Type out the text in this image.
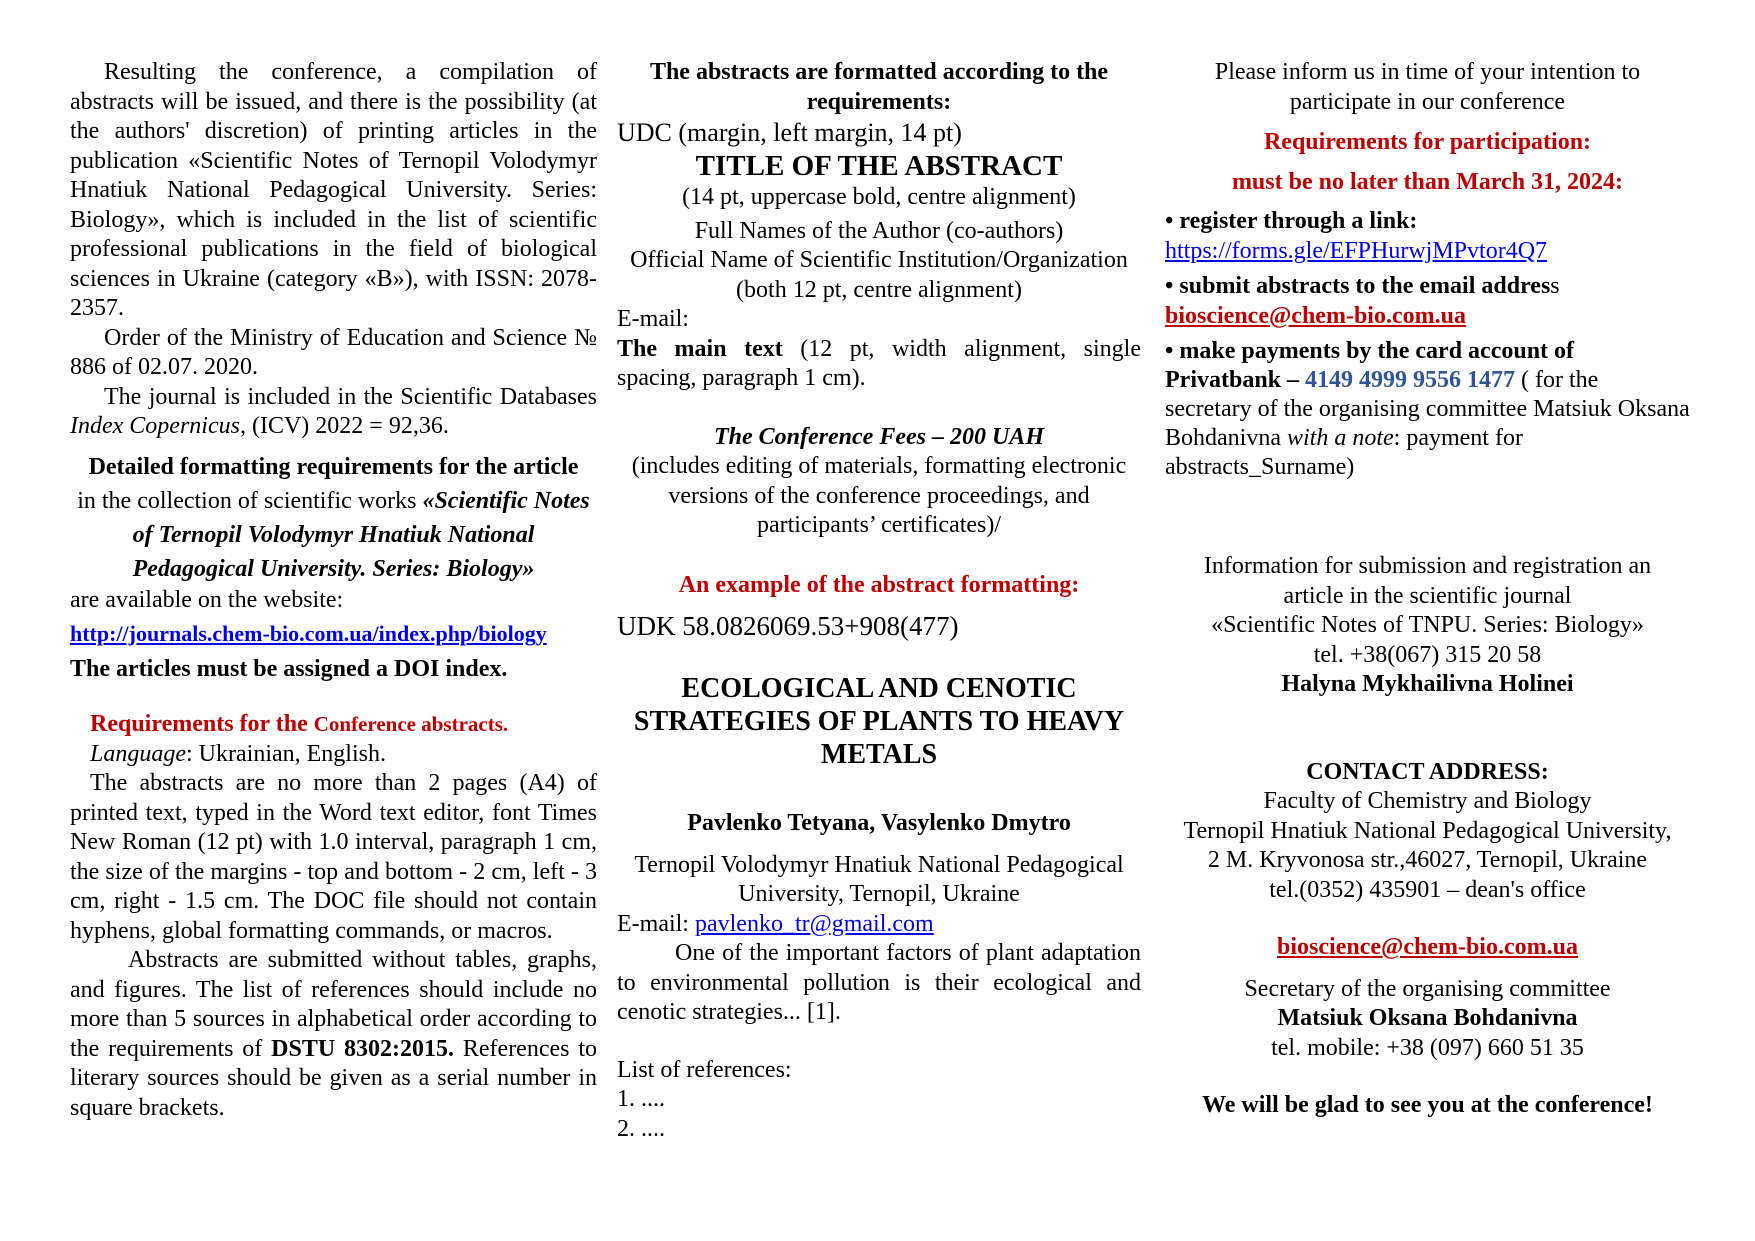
Resulting the conference, a compilation of abstracts will be issued, and there is the possibility (at the authors' discretion) of printing articles in the publication «Scientific Notes of Ternopil Volodymyr Hnatiuk National Pedagogical University. Series: Biology», which is included in the list of scientific professional publications in the field of biological sciences in Ukraine (category «B»), with ISSN: 2078-2357.

Order of the Ministry of Education and Science № 886 of 02.07. 2020.

The journal is included in the Scientific Databases Index Copernicus, (ICV) 2022 = 92,36.

Detailed formatting requirements for the article

in the collection of scientific works «Scientific Notes of Ternopil Volodymyr Hnatiuk National Pedagogical University. Series: Biology»

are available on the website:

http://journals.chem-bio.com.ua/index.php/biology

The articles must be assigned a DOI index.

Requirements for the Conference abstracts.

Language: Ukrainian, English.

The abstracts are no more than 2 pages (A4) of printed text, typed in the Word text editor, font Times New Roman (12 pt) with 1.0 interval, paragraph 1 cm, the size of the margins - top and bottom - 2 cm, left - 3 cm, right - 1.5 cm. The DOC file should not contain hyphens, global formatting commands, or macros.

Abstracts are submitted without tables, graphs, and figures. The list of references should include no more than 5 sources in alphabetical order according to the requirements of DSTU 8302:2015. References to literary sources should be given as a serial number in square brackets.

The abstracts are formatted according to the requirements:

UDC (margin, left margin, 14 pt)

TITLE OF THE ABSTRACT

(14 pt, uppercase bold, centre alignment)

Full Names of the Author (co-authors)

Official Name of Scientific Institution/Organization

(both 12 pt, centre alignment)

E-mail:

The main text (12 pt, width alignment, single spacing, paragraph 1 cm).

The Conference Fees – 200 UAH

(includes editing of materials, formatting electronic versions of the conference proceedings, and participants’ certificates)/

An example of the abstract formatting:

UDK 58.0826069.53+908(477)

ECOLOGICAL AND CENOTIC STRATEGIES OF PLANTS TO HEAVY METALS

Pavlenko Tetyana, Vasylenko Dmytro

Ternopil Volodymyr Hnatiuk National Pedagogical University, Ternopil, Ukraine

E-mail: pavlenko_tr@gmail.com

One of the important factors of plant adaptation to environmental pollution is their ecological and cenotic strategies... [1].

List of references:

1. ....

2. ....

Please inform us in time of your intention to participate in our conference

Requirements for participation:

must be no later than March 31, 2024:

• register through a link:

https://forms.gle/EFPHurwjMPvtor4Q7

• submit abstracts to the email address

bioscience@chem-bio.com.ua

• make payments by the card account of Privatbank – 4149 4999 9556 1477 ( for the secretary of the organising committee Matsiuk Oksana Bohdanivna with a note: payment for abstracts_Surname)

Information for submission and registration an

article in the scientific journal

«Scientific Notes of TNPU. Series: Biology»

tel. +38(067) 315 20 58

Halyna Mykhailivna Holinei

CONTACT ADDRESS:

Faculty of Chemistry and Biology

Ternopil Hnatiuk National Pedagogical University,

2 M. Kryvonosa str.,46027, Ternopil, Ukraine

tel.(0352) 435901 – dean's office

bioscience@chem-bio.com.ua

Secretary of the organising committee

Matsiuk Oksana Bohdanivna

tel. mobile: +38 (097) 660 51 35

We will be glad to see you at the conference!
